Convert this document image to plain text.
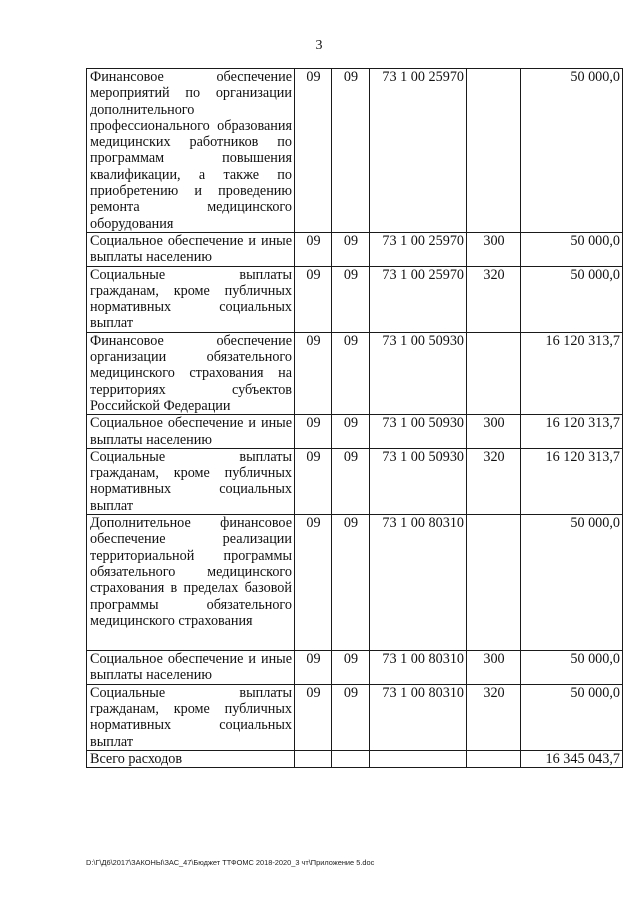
3
Финансовое обеспечение мероприятий по организации дополнительного профессионального образования медицинских работников по программам повышения квалификации, а также по приобретению и проведению ремонта медицинского оборудования	09	09	73 1 00 25970		50 000,0
Социальное обеспечение и иные выплаты населению	09	09	73 1 00 25970	300	50 000,0
Социальные выплаты гражданам, кроме публичных нормативных социальных выплат	09	09	73 1 00 25970	320	50 000,0
Финансовое обеспечение организации обязательного медицинского страхования на территориях субъектов Российской Федерации	09	09	73 1 00 50930		16 120 313,7
Социальное обеспечение и иные выплаты населению	09	09	73 1 00 50930	300	16 120 313,7
Социальные выплаты гражданам, кроме публичных нормативных социальных выплат	09	09	73 1 00 50930	320	16 120 313,7
Дополнительное финансовое обеспечение реализации территориальной программы обязательного медицинского страхования в пределах базовой программы обязательного медицинского страхования	09	09	73 1 00 80310		50 000,0
Социальное обеспечение и иные выплаты населению	09	09	73 1 00 80310	300	50 000,0
Социальные выплаты гражданам, кроме публичных нормативных социальных выплат	09	09	73 1 00 80310	320	50 000,0
Всего расходов					16 345 043,7
D:\Г\Д6\2017\ЗАКОНЫ\ЗАС_47\Бюджет ТТФОМС 2018-2020_3 чт\Приложение 5.doc
